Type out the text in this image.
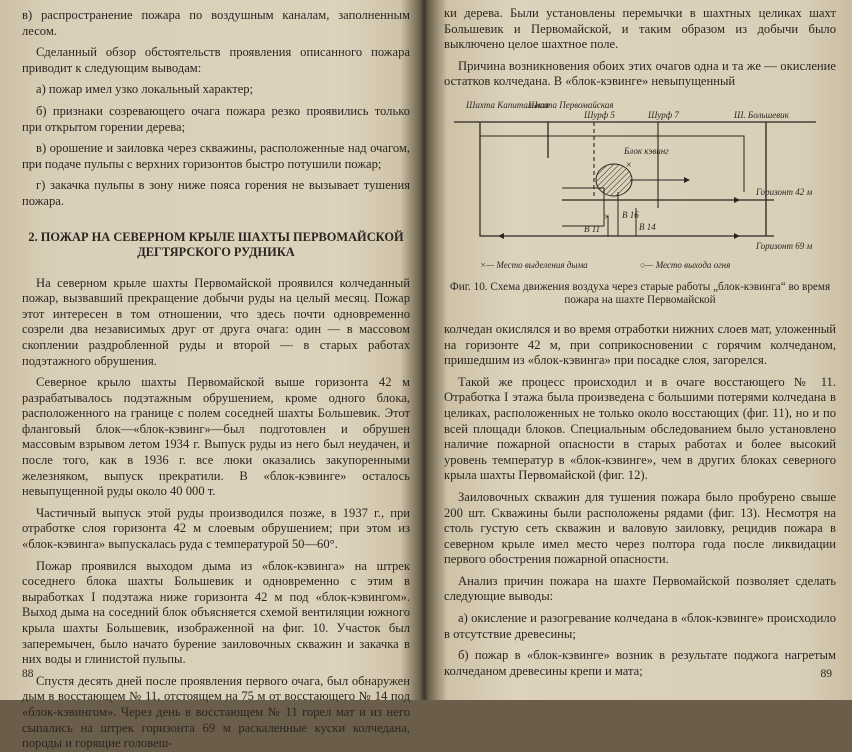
в) распространение пожара по воздушным каналам, заполненным лесом.

Сделанный обзор обстоятельств проявления описанного пожара приводит к следующим выводам:

а) пожар имел узко локальный характер;

б) признаки созревающего очага пожара резко проявились только при открытом горении дерева;

в) орошение и заиловка через скважины, расположенные над очагом, при подаче пульпы с верхних горизонтов быстро потушили пожар;

г) закачка пульпы в зону ниже пояса горения не вызывает тушения пожара.

2. ПОЖАР НА СЕВЕРНОМ КРЫЛЕ ШАХТЫ ПЕРВОМАЙСКОЙ ДЕГТЯРСКОГО РУДНИКА

На северном крыле шахты Первомайской проявился колчеданный пожар, вызвавший прекращение добычи руды на целый месяц. Пожар этот интересен в том отношении, что здесь почти одновременно созрели два независимых друг от друга очага: один — в массовом скоплении раздробленной руды и второй — в старых работах подэтажного обрушения.

Северное крыло шахты Первомайской выше горизонта 42 м разрабатывалось подэтажным обрушением, кроме одного блока, расположенного на границе с полем соседней шахты Большевик. Этот фланговый блок—«блок-кэвинг»—был подготовлен и обрушен массовым взрывом летом 1934 г. Выпуск руды из него был неудачен, и после того, как в 1936 г. все люки оказались закупоренными железняком, выпуск прекратили. В «блок-кэвинге» осталось невыпущенной руды около 40 000 т.

Частичный выпуск этой руды производился позже, в 1937 г., при отработке слоя горизонта 42 м слоевым обрушением; при этом из «блок-кэвинга» выпускалась руда с температурой 50—60°.

Пожар проявился выходом дыма из «блок-кэвинга» на штрек соседнего блока шахты Большевик и одновременно с этим в выработках I подэтажа ниже горизонта 42 м под «блок-кэвингом». Выход дыма на соседний блок объясняется схемой вентиляции южного крыла шахты Большевик, изображенной на фиг. 10. Участок был заперемычен, было начато бурение заиловочных скважин и закачка в них воды и глинистой пульпы.

Спустя десять дней после проявления первого очага, был обнаружен дым в восстающем № 11, отстоящем на 75 м от восстающего № 14 под «блок-кэвингом». Через день в восстающем № 11 горел мат и из него сыпались на штрек горизонта 69 м раскаленные куски колчедана, породы и горящие головеш-

88

ки дерева. Были установлены перемычки в шахтных целиках шахт Большевик и Первомайской, и таким образом из добычи было выключено целое шахтное поле.

Причина возникновения обоих этих очагов одна и та же — окисление остатков колчедана. В «блок-кэвинге» невыпущенный

×
×
Шахта Капитальная
Шахта Первомайская
Шурф 5	Шурф 7	Ш. Большевик
Блок кэвинг
Горизонт 42 м
Горизонт 69 м
В 16
В 14
В 11
×— Место выделения дыма	○— Место выхода огня
Фиг. 10. Схема движения воздуха через старые работы „блок-кэвинга“ во время пожара на шахте Первомайской

колчедан окислялся и во время отработки нижних слоев мат, уложенный на горизонте 42 м, при соприкосновении с горячим колчеданом, пришедшим из «блок-кэвинга» при посадке слоя, загорелся.

Такой же процесс происходил и в очаге восстающего № 11. Отработка I этажа была произведена с большими потерями колчедана в целиках, расположенных не только около восстающих (фиг. 11), но и по всей площади блоков. Специальным обследованием было установлено наличие пожарной опасности в старых работах и более высокий уровень температур в «блок-кэвинге», чем в других блоках северного крыла шахты Первомайской (фиг. 12).

Заиловочных скважин для тушения пожара было пробурено свыше 200 шт. Скважины были расположены рядами (фиг. 13). Несмотря на столь густую сеть скважин и валовую заиловку, рецидив пожара в северном крыле имел место через полтора года после ликвидации первого обострения пожарной опасности.

Анализ причин пожара на шахте Первомайской позволяет сделать следующие выводы:

а) окисление и разогревание колчедана в «блок-кэвинге» происходило в отсутствие древесины;

б) пожар в «блок-кэвинге» возник в результате поджога нагретым колчеданом древесины крепи и мата;	89
